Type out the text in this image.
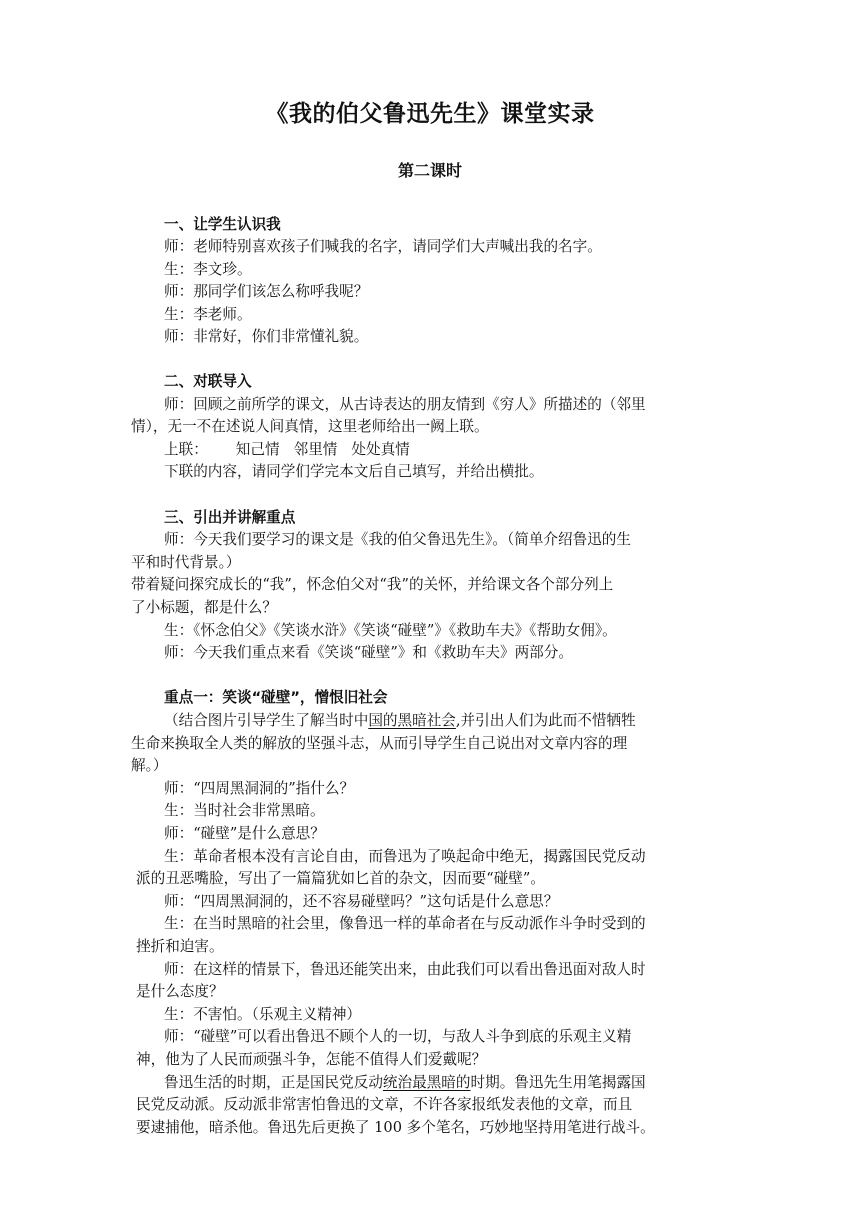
《我的伯父鲁迅先生》课堂实录
第二课时
一、让学生认识我
师：老师特别喜欢孩子们喊我的名字，请同学们大声喊出我的名字。
生：李文珍。
师：那同学们该怎么称呼我呢？
生：李老师。
师：非常好，你们非常懂礼貌。
二、对联导入
师：回顾之前所学的课文，从古诗表达的朋友情到《穷人》所描述的（邻里
情），无一不在述说人间真情，这里老师给出一阙上联。
上联： 知己情 邻里情 处处真情
下联的内容，请同学们学完本文后自己填写，并给出横批。
三、引出并讲解重点
师：今天我们要学习的课文是《我的伯父鲁迅先生》。（简单介绍鲁迅的生
平和时代背景。）
带着疑问探究成长的“我”，怀念伯父对“我”的关怀，并给课文各个部分列上
了小标题，都是什么？
生：《怀念伯父》《笑谈水浒》《笑谈“碰壁”》《救助车夫》《帮助女佣》。
师：今天我们重点来看《笑谈“碰壁”》和《救助车夫》两部分。
重点一：笑谈“碰壁”，憎恨旧社会
（结合图片引导学生了解当时中国的黑暗社会,并引出人们为此而不惜牺牲
生命来换取全人类的解放的坚强斗志，从而引导学生自己说出对文章内容的理
解。）
师：“四周黑洞洞的”指什么？
生：当时社会非常黑暗。
师：“碰壁”是什么意思？
生：革命者根本没有言论自由，而鲁迅为了唤起命中绝无，揭露国民党反动
派的丑恶嘴脸，写出了一篇篇犹如匕首的杂文，因而要“碰壁”。
师：“四周黑洞洞的，还不容易碰壁吗？”这句话是什么意思？
生：在当时黑暗的社会里，像鲁迅一样的革命者在与反动派作斗争时受到的
挫折和迫害。
师：在这样的情景下，鲁迅还能笑出来，由此我们可以看出鲁迅面对敌人时
是什么态度？
生：不害怕。（乐观主义精神）
师：“碰壁”可以看出鲁迅不顾个人的一切，与敌人斗争到底的乐观主义精
神，他为了人民而顽强斗争，怎能不值得人们爱戴呢？
鲁迅生活的时期，正是国民党反动统治最黑暗的时期。鲁迅先生用笔揭露国
民党反动派。反动派非常害怕鲁迅的文章，不许各家报纸发表他的文章，而且
要逮捕他，暗杀他。鲁迅先后更换了 100 多个笔名，巧妙地坚持用笔进行战斗。
